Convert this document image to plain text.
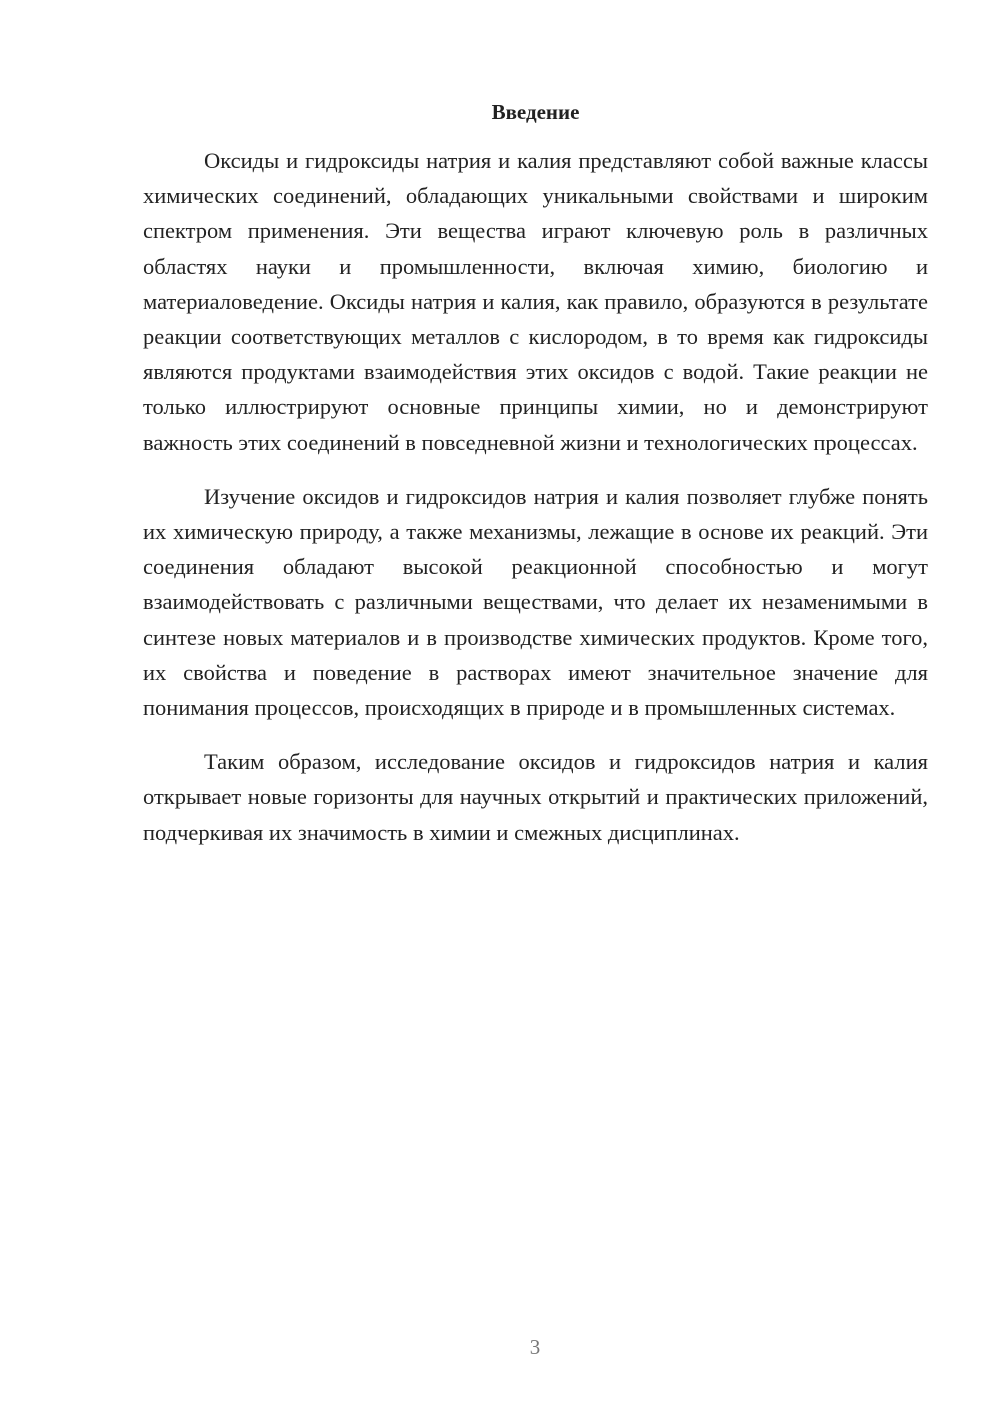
Введение

Оксиды и гидроксиды натрия и калия представляют собой важные классы химических соединений, обладающих уникальными свойствами и широким спектром применения. Эти вещества играют ключевую роль в различных областях науки и промышленности, включая химию, биологию и материаловедение. Оксиды натрия и калия, как правило, образуются в результате реакции соответствующих металлов с кислородом, в то время как гидроксиды являются продуктами взаимодействия этих оксидов с водой. Такие реакции не только иллюстрируют основные принципы химии, но и демонстрируют важность этих соединений в повседневной жизни и технологических процессах.

Изучение оксидов и гидроксидов натрия и калия позволяет глубже понять их химическую природу, а также механизмы, лежащие в основе их реакций. Эти соединения обладают высокой реакционной способностью и могут взаимодействовать с различными веществами, что делает их незаменимыми в синтезе новых материалов и в производстве химических продуктов. Кроме того, их свойства и поведение в растворах имеют значительное значение для понимания процессов, происходящих в природе и в промышленных системах.

Таким образом, исследование оксидов и гидроксидов натрия и калия открывает новые горизонты для научных открытий и практических приложений, подчеркивая их значимость в химии и смежных дисциплинах.

3
